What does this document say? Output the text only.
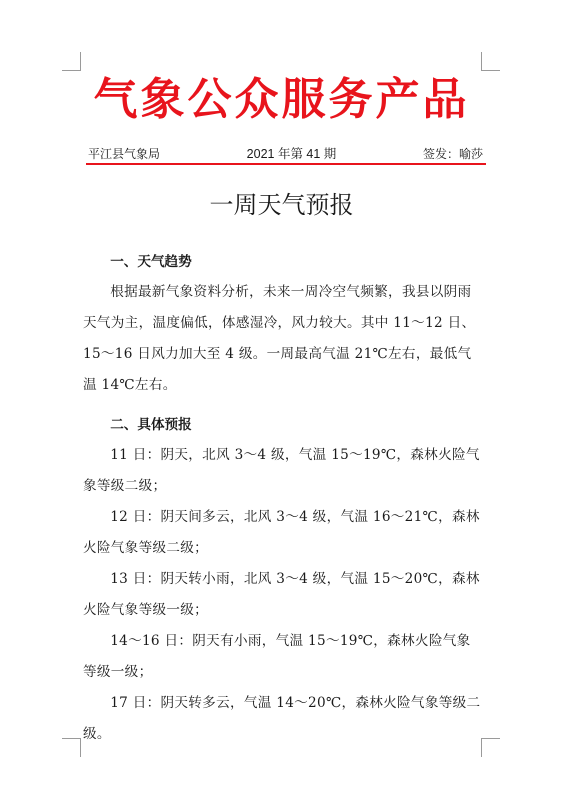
气象公众服务产品
平江县气象局	2021 年第 41 期	签发：喻莎
一周天气预报
一、天气趋势

根据最新气象资料分析，未来一周冷空气频繁，我县以阴雨天气为主，温度偏低，体感湿冷，风力较大。其中 11～12 日、15～16 日风力加大至 4 级。一周最高气温 21℃左右，最低气温 14℃左右。

二、具体预报

11 日：阴天，北风 3～4 级，气温 15～19℃，森林火险气象等级二级；

12 日：阴天间多云，北风 3～4 级，气温 16～21℃，森林火险气象等级二级；

13 日：阴天转小雨，北风 3～4 级，气温 15～20℃，森林火险气象等级一级；

14～16 日：阴天有小雨，气温 15～19℃，森林火险气象等级一级；

17 日：阴天转多云，气温 14～20℃，森林火险气象等级二级。
